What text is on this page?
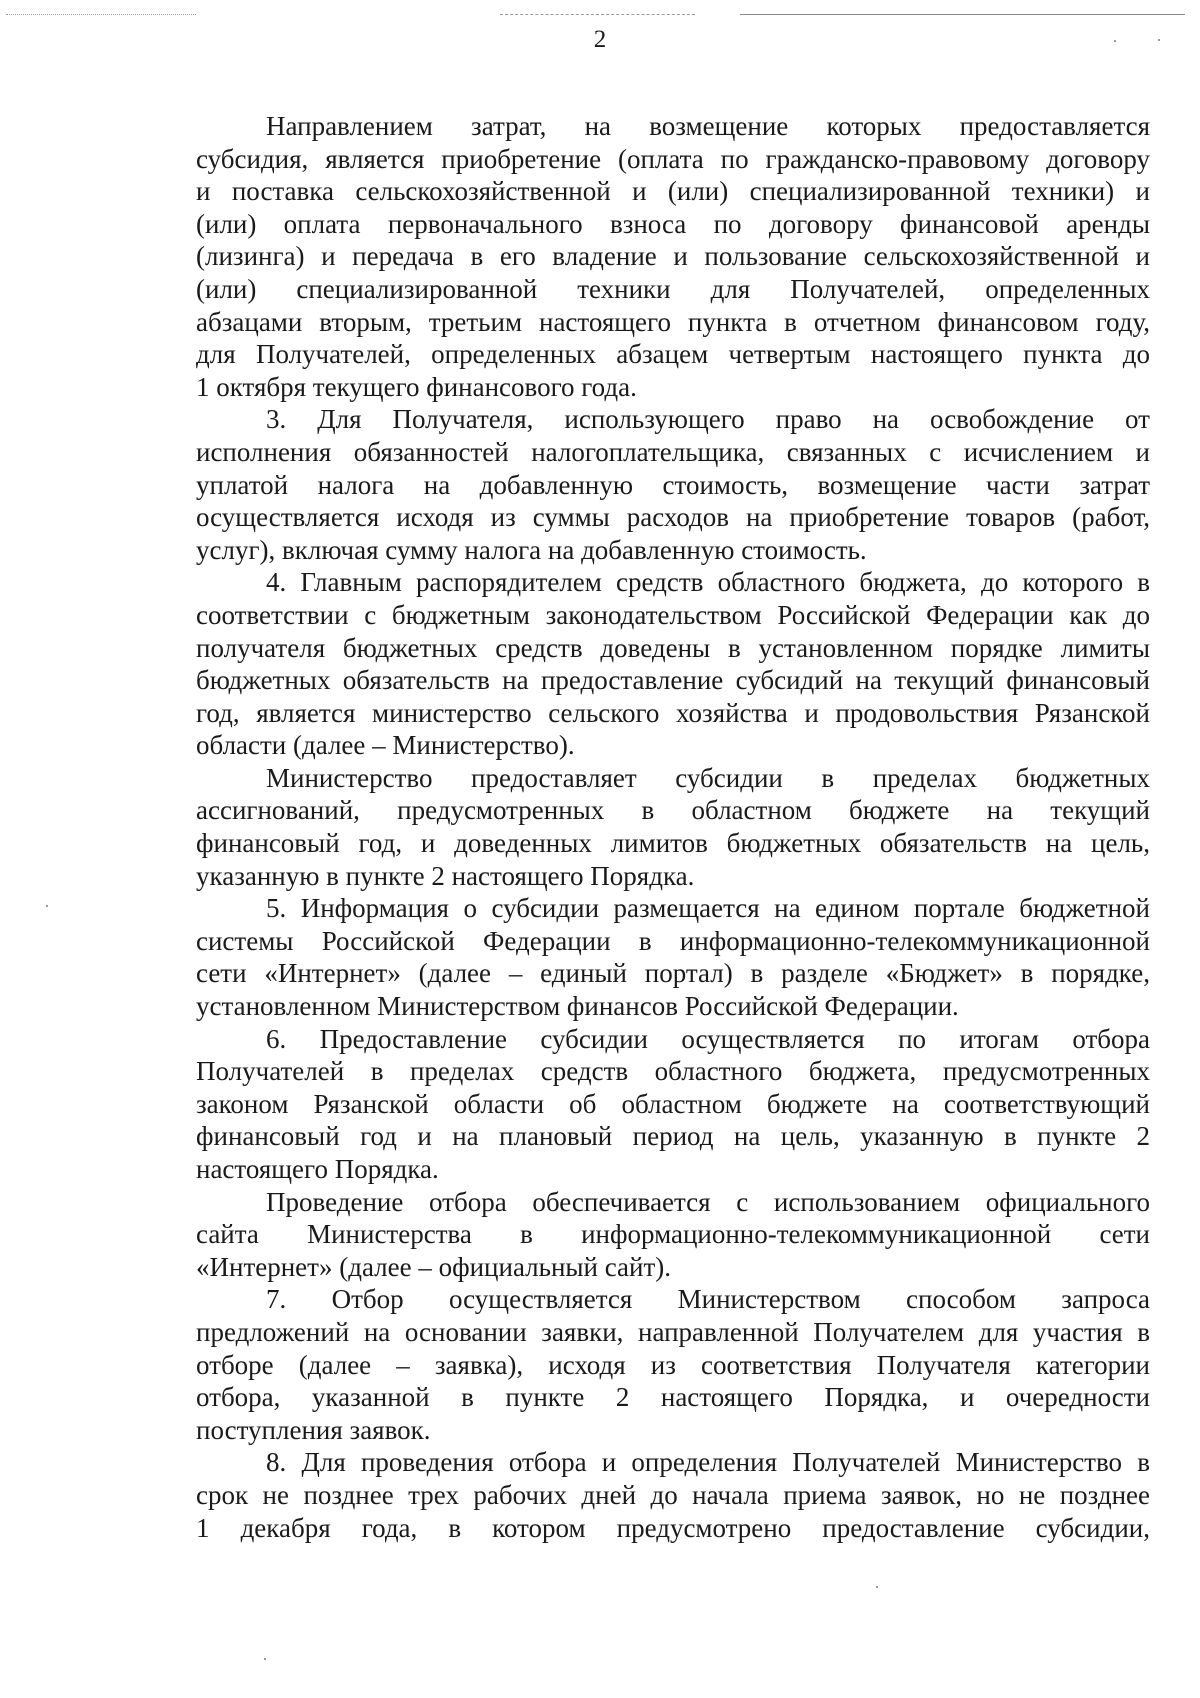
2

Направлением затрат, на возмещение которых предоставляется
субсидия, является приобретение (оплата по гражданско-правовому договору
и поставка сельскохозяйственной и (или) специализированной техники) и
(или) оплата первоначального взноса по договору финансовой аренды
(лизинга) и передача в его владение и пользование сельскохозяйственной и
(или) специализированной техники для Получателей, определенных
абзацами вторым, третьим настоящего пункта в отчетном финансовом году,
для Получателей, определенных абзацем четвертым настоящего пункта до
1 октября текущего финансового года.

3. Для Получателя, использующего право на освобождение от
исполнения обязанностей налогоплательщика, связанных с исчислением и
уплатой налога на добавленную стоимость, возмещение части затрат
осуществляется исходя из суммы расходов на приобретение товаров (работ,
услуг), включая сумму налога на добавленную стоимость.

4. Главным распорядителем средств областного бюджета, до которого в
соответствии с бюджетным законодательством Российской Федерации как до
получателя бюджетных средств доведены в установленном порядке лимиты
бюджетных обязательств на предоставление субсидий на текущий финансовый
год, является министерство сельского хозяйства и продовольствия Рязанской
области (далее – Министерство).

Министерство предоставляет субсидии в пределах бюджетных
ассигнований, предусмотренных в областном бюджете на текущий
финансовый год, и доведенных лимитов бюджетных обязательств на цель,
указанную в пункте 2 настоящего Порядка.

5. Информация о субсидии размещается на едином портале бюджетной
системы Российской Федерации в информационно-телекоммуникационной
сети «Интернет» (далее – единый портал) в разделе «Бюджет» в порядке,
установленном Министерством финансов Российской Федерации.

6. Предоставление субсидии осуществляется по итогам отбора
Получателей в пределах средств областного бюджета, предусмотренных
законом Рязанской области об областном бюджете на соответствующий
финансовый год и на плановый период на цель, указанную в пункте 2
настоящего Порядка.

Проведение отбора обеспечивается с использованием официального
сайта Министерства в информационно-телекоммуникационной сети
«Интернет» (далее – официальный сайт).

7. Отбор осуществляется Министерством способом запроса
предложений на основании заявки, направленной Получателем для участия в
отборе (далее – заявка), исходя из соответствия Получателя категории
отбора, указанной в пункте 2 настоящего Порядка, и очередности
поступления заявок.

8. Для проведения отбора и определения Получателей Министерство в
срок не позднее трех рабочих дней до начала приема заявок, но не позднее
1 декабря года, в котором предусмотрено предоставление субсидии,
